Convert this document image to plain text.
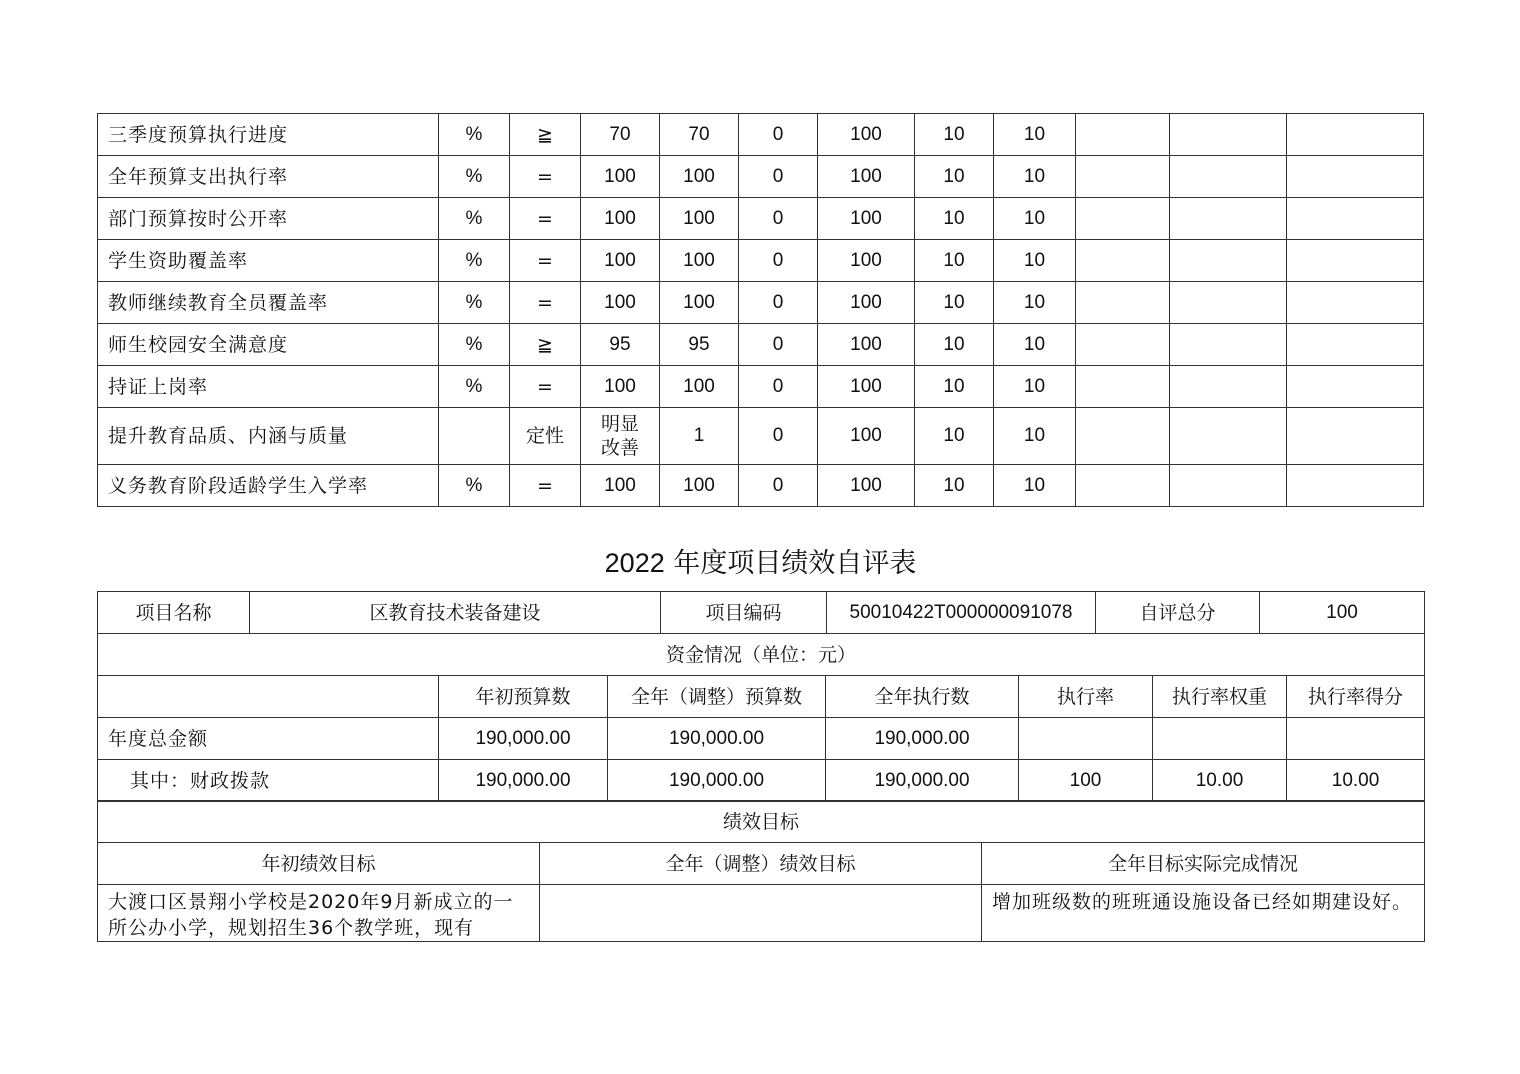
三季度预算执行进度	%	≧	70	70	0	100	10	10			
全年预算支出执行率	%	=	100	100	0	100	10	10			
部门预算按时公开率	%	=	100	100	0	100	10	10			
学生资助覆盖率	%	=	100	100	0	100	10	10			
教师继续教育全员覆盖率	%	=	100	100	0	100	10	10			
师生校园安全满意度	%	≧	95	95	0	100	10	10			
持证上岗率	%	=	100	100	0	100	10	10			
提升教育品质、内涵与质量		定性	明显改善	1	0	100	10	10			
义务教育阶段适龄学生入学率	%	=	100	100	0	100	10	10			
2022 年度项目绩效自评表
项目名称	区教育技术装备建设	项目编码	50010422T000000091078	自评总分	100
资金情况（单位：元）						
	年初预算数	全年（调整）预算数	全年执行数	执行率	执行率权重	执行率得分
年度总金额	190,000.00	190,000.00	190,000.00			
其中：财政拨款	190,000.00	190,000.00	190,000.00	100	10.00	10.00
绩效目标		
年初绩效目标	全年（调整）绩效目标	全年目标实际完成情况
大渡口区景翔小学校是2020年9月新成立的一所公办小学，规划招生36个教学班，现有		增加班级数的班班通设施设备已经如期建设好。
